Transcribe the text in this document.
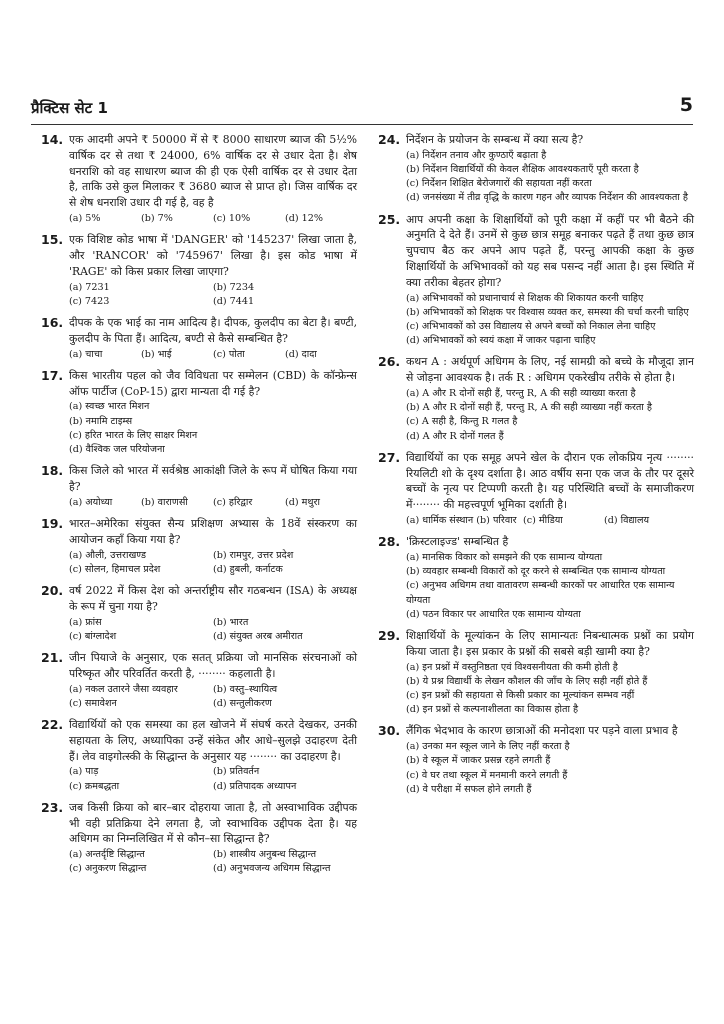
प्रैक्टिस सेट 1	5
14. एक आदमी अपने ₹ 50000 में से ₹ 8000 साधारण ब्याज की 5½% वार्षिक दर से तथा ₹ 24000, 6% वार्षिक दर से उधार देता है। शेष धनराशि को वह साधारण ब्याज की ही एक ऐसी वार्षिक दर से उधार देता है, ताकि उसे कुल मिलाकर ₹ 3680 ब्याज से प्राप्त हो। जिस वार्षिक दर से शेष धनराशि उधार दी गई है, वह है
(a) 5%	(b) 7%	(c) 10%	(d) 12%
15. एक विशिष्ट कोड भाषा में 'DANGER' को '145237' लिखा जाता है, और 'RANCOR' को '745967' लिखा है। इस कोड भाषा में 'RAGE' को किस प्रकार लिखा जाएगा?
(a) 7231	(b) 7234
(c) 7423	(d) 7441
16. दीपक के एक भाई का नाम आदित्य है। दीपक, कुलदीप का बेटा है। बण्टी, कुलदीप के पिता हैं। आदित्य, बण्टी से कैसे सम्बन्धित है?
(a) चाचा	(b) भाई	(c) पोता	(d) दादा
17. किस भारतीय पहल को जैव विविधता पर सम्मेलन (CBD) के कॉन्फ्रेन्स ऑफ पार्टीज (CoP-15) द्वारा मान्यता दी गई है?
(a) स्वच्छ भारत मिशन
(b) नमामि टाइम्स
(c) हरित भारत के लिए साक्षर मिशन
(d) वैश्विक जल परियोजना
18. किस जिले को भारत में सर्वश्रेष्ठ आकांक्षी जिले के रूप में घोषित किया गया है?
(a) अयोध्या	(b) वाराणसी	(c) हरिद्वार	(d) मथुरा
19. भारत–अमेरिका संयुक्त सैन्य प्रशिक्षण अभ्यास के 18वें संस्करण का आयोजन कहाँ किया गया है?
(a) औली, उत्तराखण्ड	(b) रामपुर, उत्तर प्रदेश
(c) सोलन, हिमाचल प्रदेश	(d) हुबली, कर्नाटक
20. वर्ष 2022 में किस देश को अन्तर्राष्ट्रीय सौर गठबन्धन (ISA) के अध्यक्ष के रूप में चुना गया है?
(a) फ्रांस	(b) भारत
(c) बांग्लादेश	(d) संयुक्त अरब अमीरात
21. जीन पियाजे के अनुसार, एक सतत् प्रक्रिया जो मानसिक संरचनाओं को परिष्कृत और परिवर्तित करती है, ········ कहलाती है।
(a) नकल उतारने जैसा व्यवहार	(b) वस्तु–स्थायित्व
(c) समावेशन	(d) सन्तुलीकरण
22. विद्यार्थियों को एक समस्या का हल खोजने में संघर्ष करते देखकर, उनकी सहायता के लिए, अध्यापिका उन्हें संकेत और आधे–सुलझे उदाहरण देती हैं। लेव वाइगोत्स्की के सिद्धान्त के अनुसार यह ········ का उदाहरण है।
(a) पाड़	(b) प्रतिवर्तन
(c) क्रमबद्धता	(d) प्रतिपादक अध्यापन
23. जब किसी क्रिया को बार–बार दोहराया जाता है, तो अस्वाभाविक उद्दीपक भी वही प्रतिक्रिया देने लगता है, जो स्वाभाविक उद्दीपक देता है। यह अधिगम का निम्नलिखित में से कौन–सा सिद्धान्त है?
(a) अन्तर्दृष्टि सिद्धान्त	(b) शास्त्रीय अनुबन्ध सिद्धान्त
(c) अनुकरण सिद्धान्त	(d) अनुभवजन्य अधिगम सिद्धान्त
24. निर्देशन के प्रयोजन के सम्बन्ध में क्या सत्य है?
(a) निर्देशन तनाव और कुण्ठाएँ बढ़ाता है
(b) निर्देशन विद्यार्थियों की केवल शैक्षिक आवश्यकताएँ पूरी करता है
(c) निर्देशन शिक्षित बेरोजगारों की सहायता नहीं करता
(d) जनसंख्या में तीव्र वृद्धि के कारण गहन और व्यापक निर्देशन की आवश्यकता है
25. आप अपनी कक्षा के शिक्षार्थियों को पूरी कक्षा में कहीं पर भी बैठने की अनुमति दे देते हैं। उनमें से कुछ छात्र समूह बनाकर पढ़ते हैं तथा कुछ छात्र चुपचाप बैठ कर अपने आप पढ़ते हैं, परन्तु आपकी कक्षा के कुछ शिक्षार्थियों के अभिभावकों को यह सब पसन्द नहीं आता है। इस स्थिति में क्या तरीका बेहतर होगा?
(a) अभिभावकों को प्रधानाचार्य से शिक्षक की शिकायत करनी चाहिए
(b) अभिभावकों को शिक्षक पर विश्वास व्यक्त कर, समस्या की चर्चा करनी चाहिए
(c) अभिभावकों को उस विद्यालय से अपने बच्चों को निकाल लेना चाहिए
(d) अभिभावकों को स्वयं कक्षा में जाकर पढ़ाना चाहिए
26. कथन A : अर्थपूर्ण अधिगम के लिए, नई सामग्री को बच्चे के मौजूदा ज्ञान से जोड़ना आवश्यक है। तर्क R : अधिगम एकरेखीय तरीके से होता है।
(a) A और R दोनों सही हैं, परन्तु R, A की सही व्याख्या करता है
(b) A और R दोनों सही हैं, परन्तु R, A की सही व्याख्या नहीं करता है
(c) A सही है, किन्तु R गलत है
(d) A और R दोनों गलत हैं
27. विद्यार्थियों का एक समूह अपने खेल के दौरान एक लोकप्रिय नृत्य ········ रियलिटी शो के दृश्य दर्शाता है। आठ वर्षीय सना एक जज के तौर पर दूसरे बच्चों के नृत्य पर टिप्पणी करती है। यह परिस्थिति बच्चों के समाजीकरण में········ की महत्त्वपूर्ण भूमिका दर्शाती है।
(a) धार्मिक संस्थान (b) परिवार (c) मीडिया	(d) विद्यालय
28. 'क्रिस्टलाइज्ड' सम्बन्धित है
(a) मानसिक विकार को समझने की एक सामान्य योग्यता
(b) व्यवहार सम्बन्धी विकारों को दूर करने से सम्बन्धित एक सामान्य योग्यता
(c) अनुभव अधिगम तथा वातावरण सम्बन्धी कारकों पर आधारित एक सामान्य योग्यता
(d) पठन विकार पर आधारित एक सामान्य योग्यता
29. शिक्षार्थियों के मूल्यांकन के लिए सामान्यतः निबन्धात्मक प्रश्नों का प्रयोग किया जाता है। इस प्रकार के प्रश्नों की सबसे बड़ी खामी क्या है?
(a) इन प्रश्नों में वस्तुनिष्ठता एवं विश्वसनीयता की कमी होती है
(b) ये प्रश्न विद्यार्थी के लेखन कौशल की जाँच के लिए सही नहीं होते हैं
(c) इन प्रश्नों की सहायता से किसी प्रकार का मूल्यांकन सम्भव नहीं
(d) इन प्रश्नों से कल्पनाशीलता का विकास होता है
30. लैंगिक भेदभाव के कारण छात्राओं की मनोदशा पर पड़ने वाला प्रभाव है
(a) उनका मन स्कूल जाने के लिए नहीं करता है
(b) वे स्कूल में जाकर प्रसन्न रहने लगती हैं
(c) वे घर तथा स्कूल में मनमानी करने लगती हैं
(d) वे परीक्षा में सफल होने लगती हैं
